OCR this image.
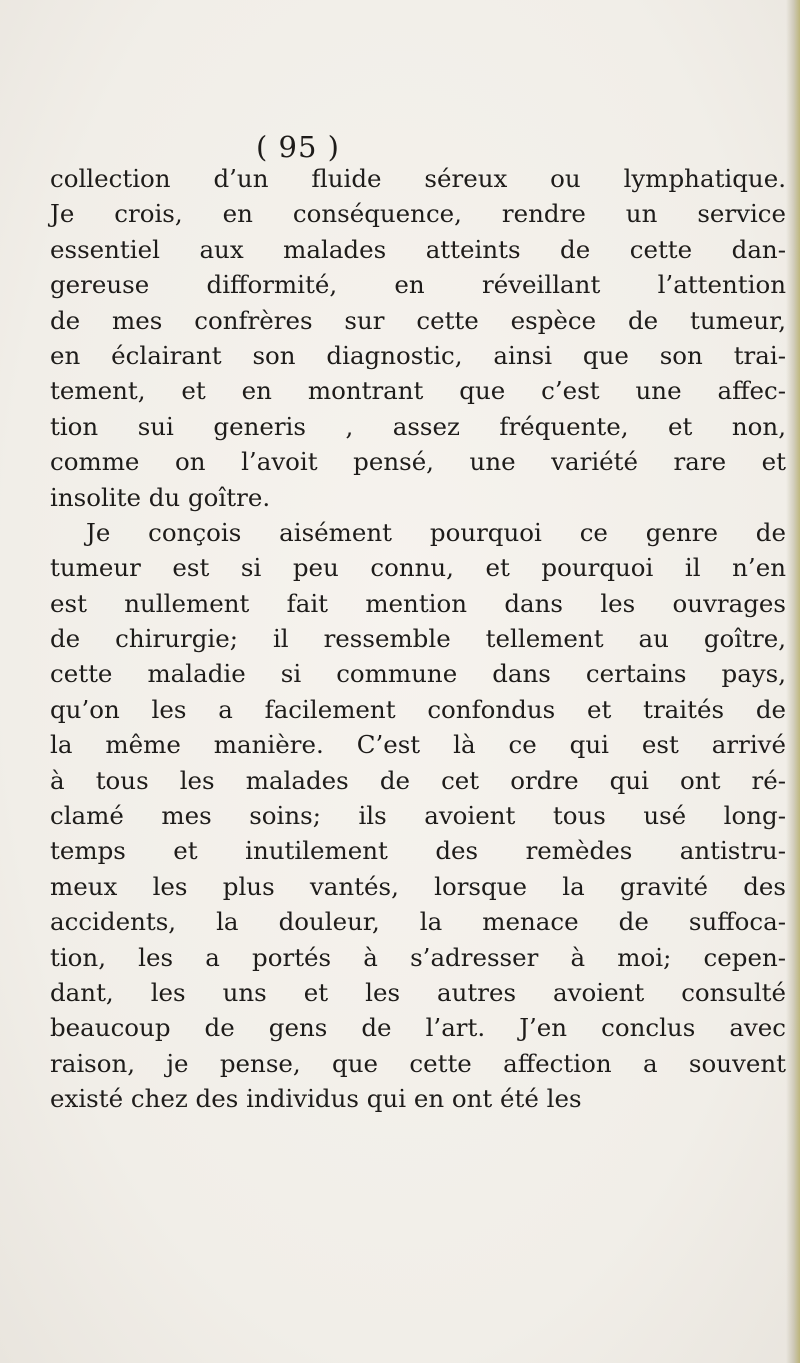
( 95 )
collection d’un fluide séreux ou lymphatique.
Je crois, en conséquence, rendre un service
essentiel aux malades atteints de cette dan-
gereuse difformité, en réveillant l’attention
de mes confrères sur cette espèce de tumeur,
en éclairant son diagnostic, ainsi que son trai-
tement, et en montrant que c’est une affec-
tion sui generis , assez fréquente, et non,
comme on l’avoit pensé, une variété rare et
insolite du goître.
Je conçois aisément pourquoi ce genre de
tumeur est si peu connu, et pourquoi il n’en
est nullement fait mention dans les ouvrages
de chirurgie; il ressemble tellement au goître,
cette maladie si commune dans certains pays,
qu’on les a facilement confondus et traités de
la même manière. C’est là ce qui est arrivé
à tous les malades de cet ordre qui ont ré-
clamé mes soins; ils avoient tous usé long-
temps et inutilement des remèdes antistru-
meux les plus vantés, lorsque la gravité des
accidents, la douleur, la menace de suffoca-
tion, les a portés à s’adresser à moi; cepen-
dant, les uns et les autres avoient consulté
beaucoup de gens de l’art. J’en conclus avec
raison, je pense, que cette affection a souvent
existé chez des individus qui en ont été les
